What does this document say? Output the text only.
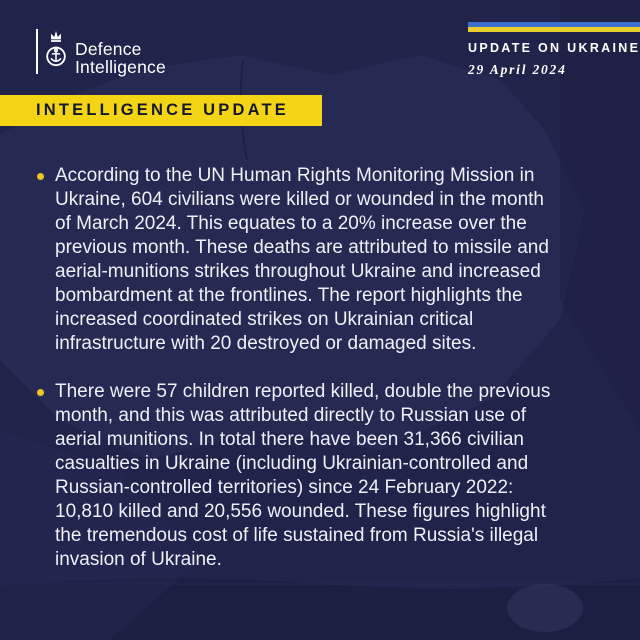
Defence
Intelligence
UPDATE ON UKRAINE
29 April 2024
INTELLIGENCE UPDATE
According to the UN Human Rights Monitoring Mission in Ukraine, 604 civilians were killed or wounded in the month of March 2024. This equates to a 20% increase over the previous month. These deaths are attributed to missile and aerial-munitions strikes throughout Ukraine and increased bombardment at the frontlines. The report highlights the increased coordinated strikes on Ukrainian critical infrastructure with 20 destroyed or damaged sites.
There were 57 children reported killed, double the previous month, and this was attributed directly to Russian use of aerial munitions. In total there have been 31,366 civilian casualties in Ukraine (including Ukrainian-controlled and Russian-controlled territories) since 24 February 2022: 10,810 killed and 20,556 wounded. These figures highlight the tremendous cost of life sustained from Russia's illegal invasion of Ukraine.
